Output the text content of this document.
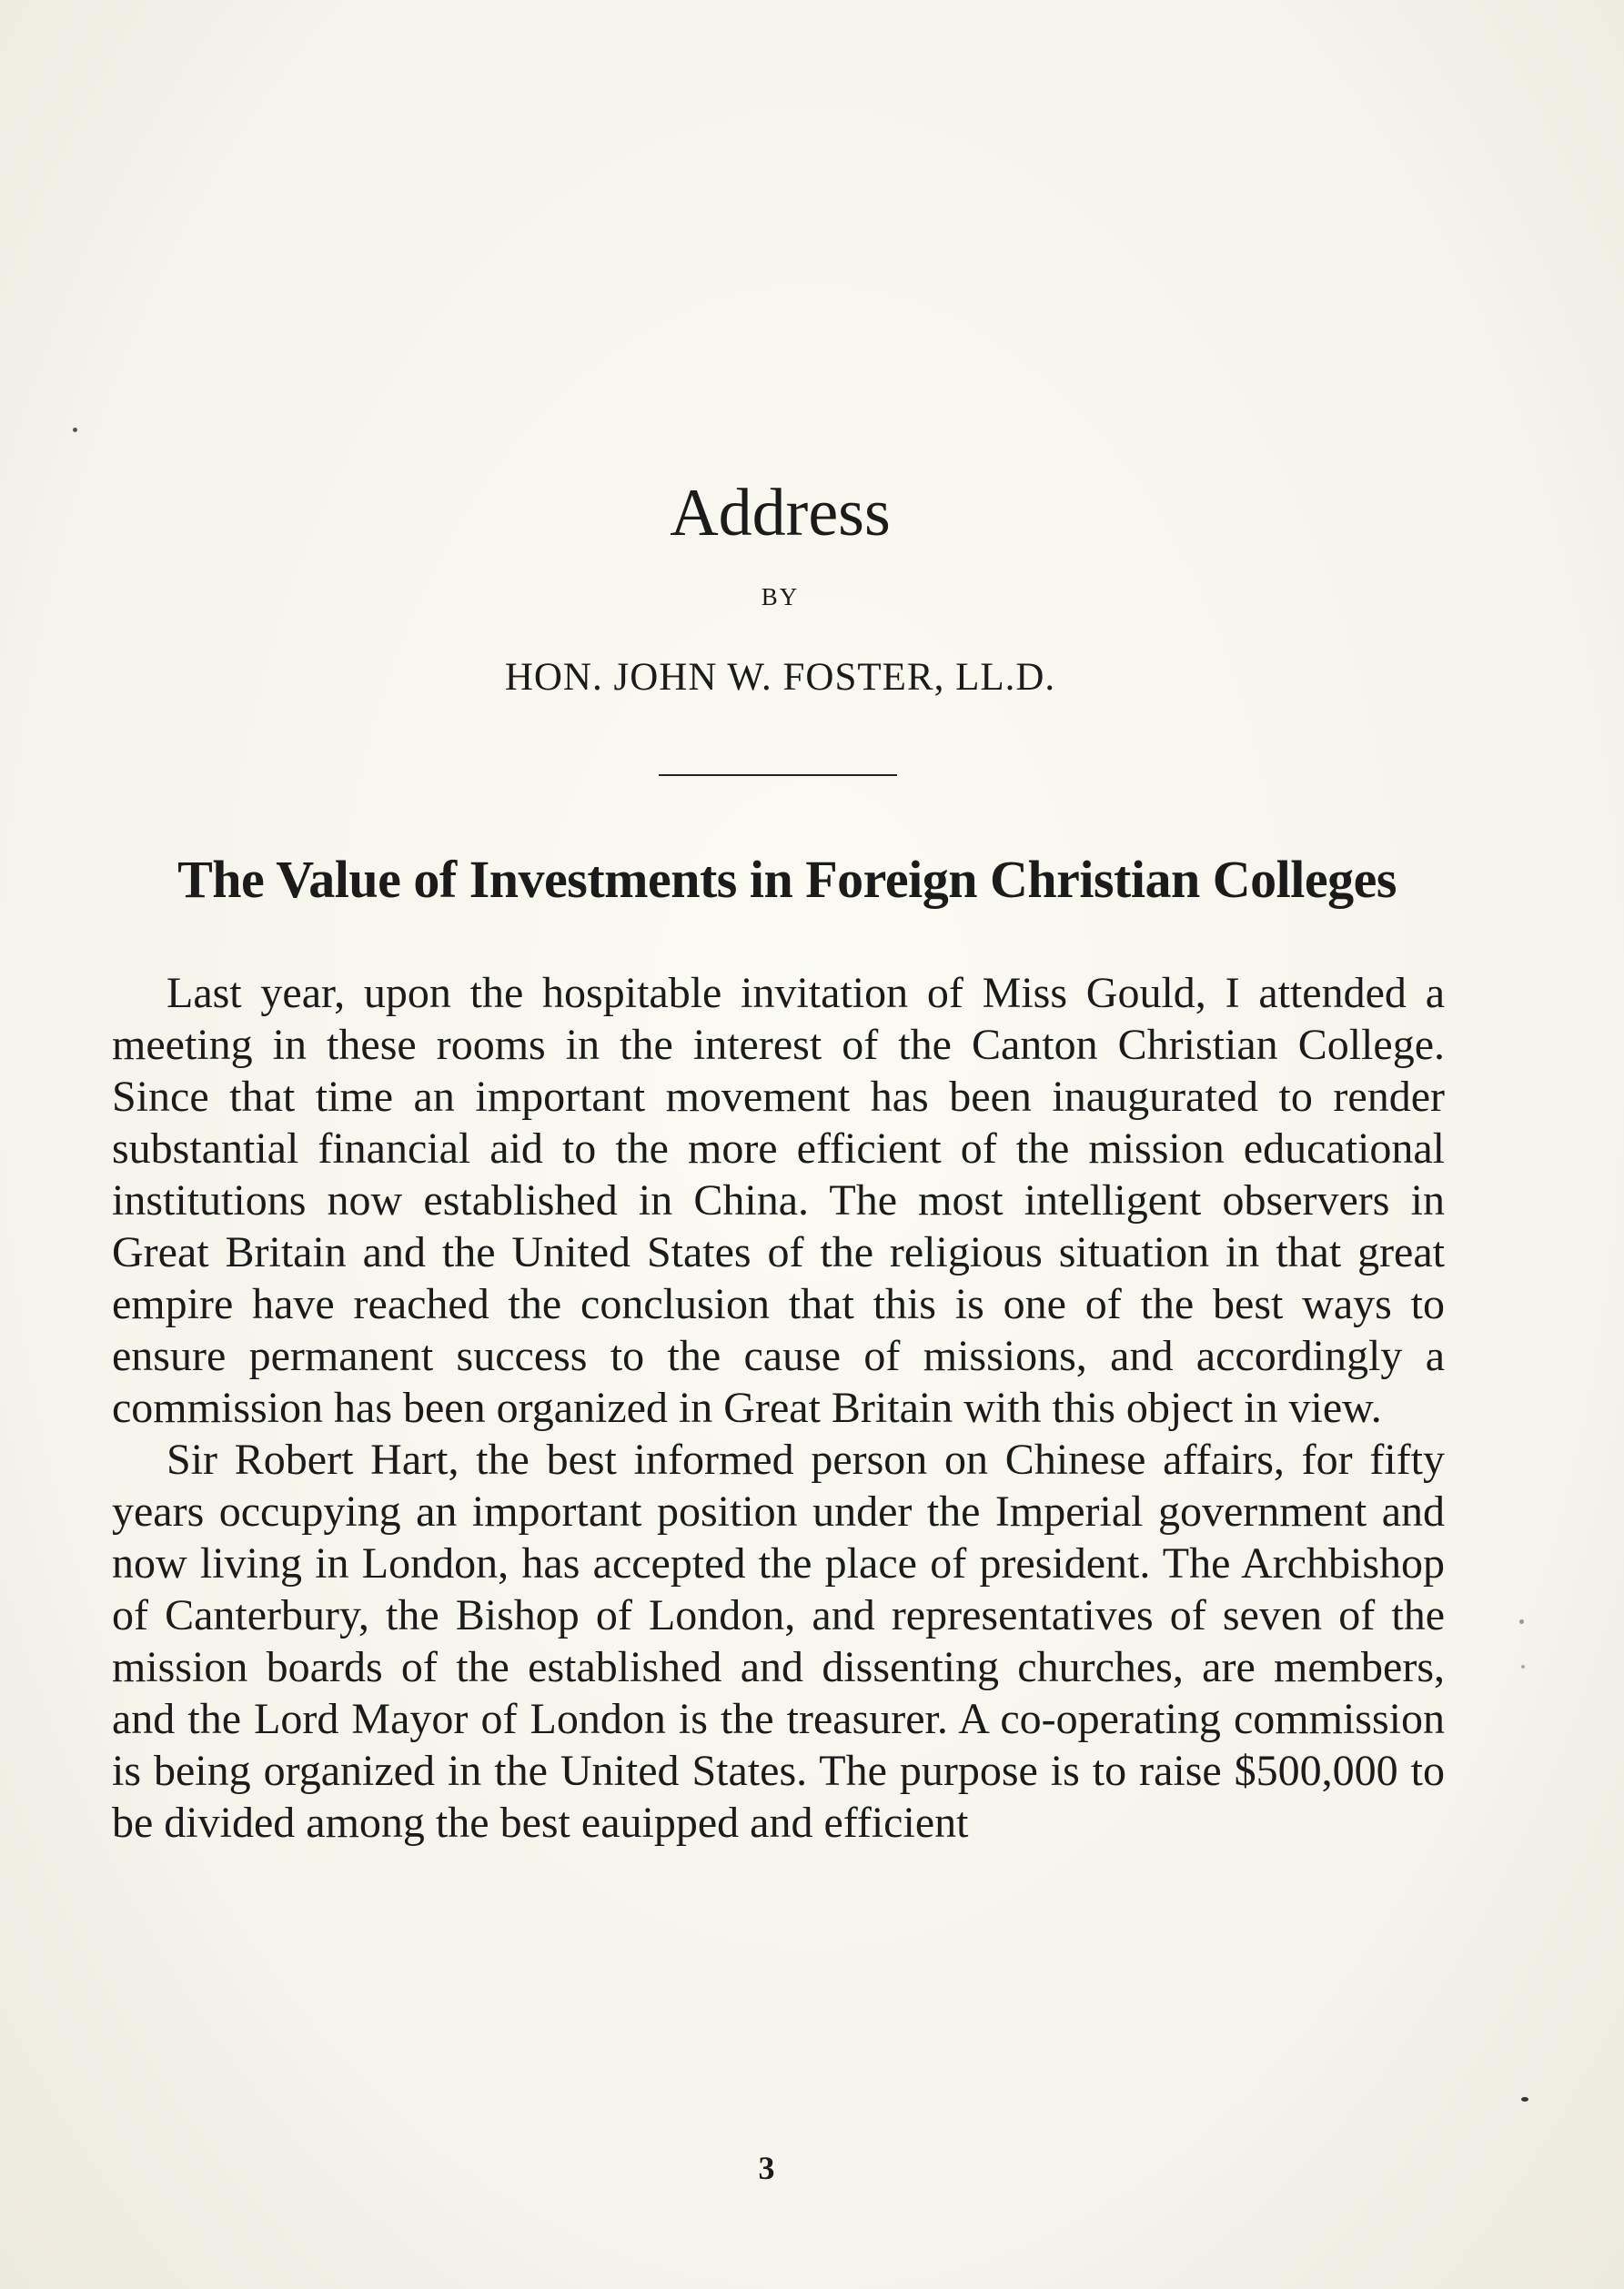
Address

BY

HON. JOHN W. FOSTER, LL.D.

The Value of Investments in Foreign Christian Colleges

Last year, upon the hospitable invitation of Miss Gould, I attended a meeting in these rooms in the interest of the Canton Christian College. Since that time an important movement has been inaugurated to render substantial financial aid to the more efficient of the mission educational institutions now established in China. The most intelligent observers in Great Britain and the United States of the religious situation in that great empire have reached the conclusion that this is one of the best ways to ensure permanent success to the cause of missions, and accordingly a commission has been organized in Great Britain with this object in view.

Sir Robert Hart, the best informed person on Chinese affairs, for fifty years occupying an important position under the Imperial government and now living in London, has accepted the place of president. The Archbishop of Canterbury, the Bishop of London, and representatives of seven of the mission boards of the established and dissenting churches, are members, and the Lord Mayor of London is the treasurer. A co-operating commission is being organized in the United States. The purpose is to raise $500,000 to be divided among the best eauipped and efficient

3
